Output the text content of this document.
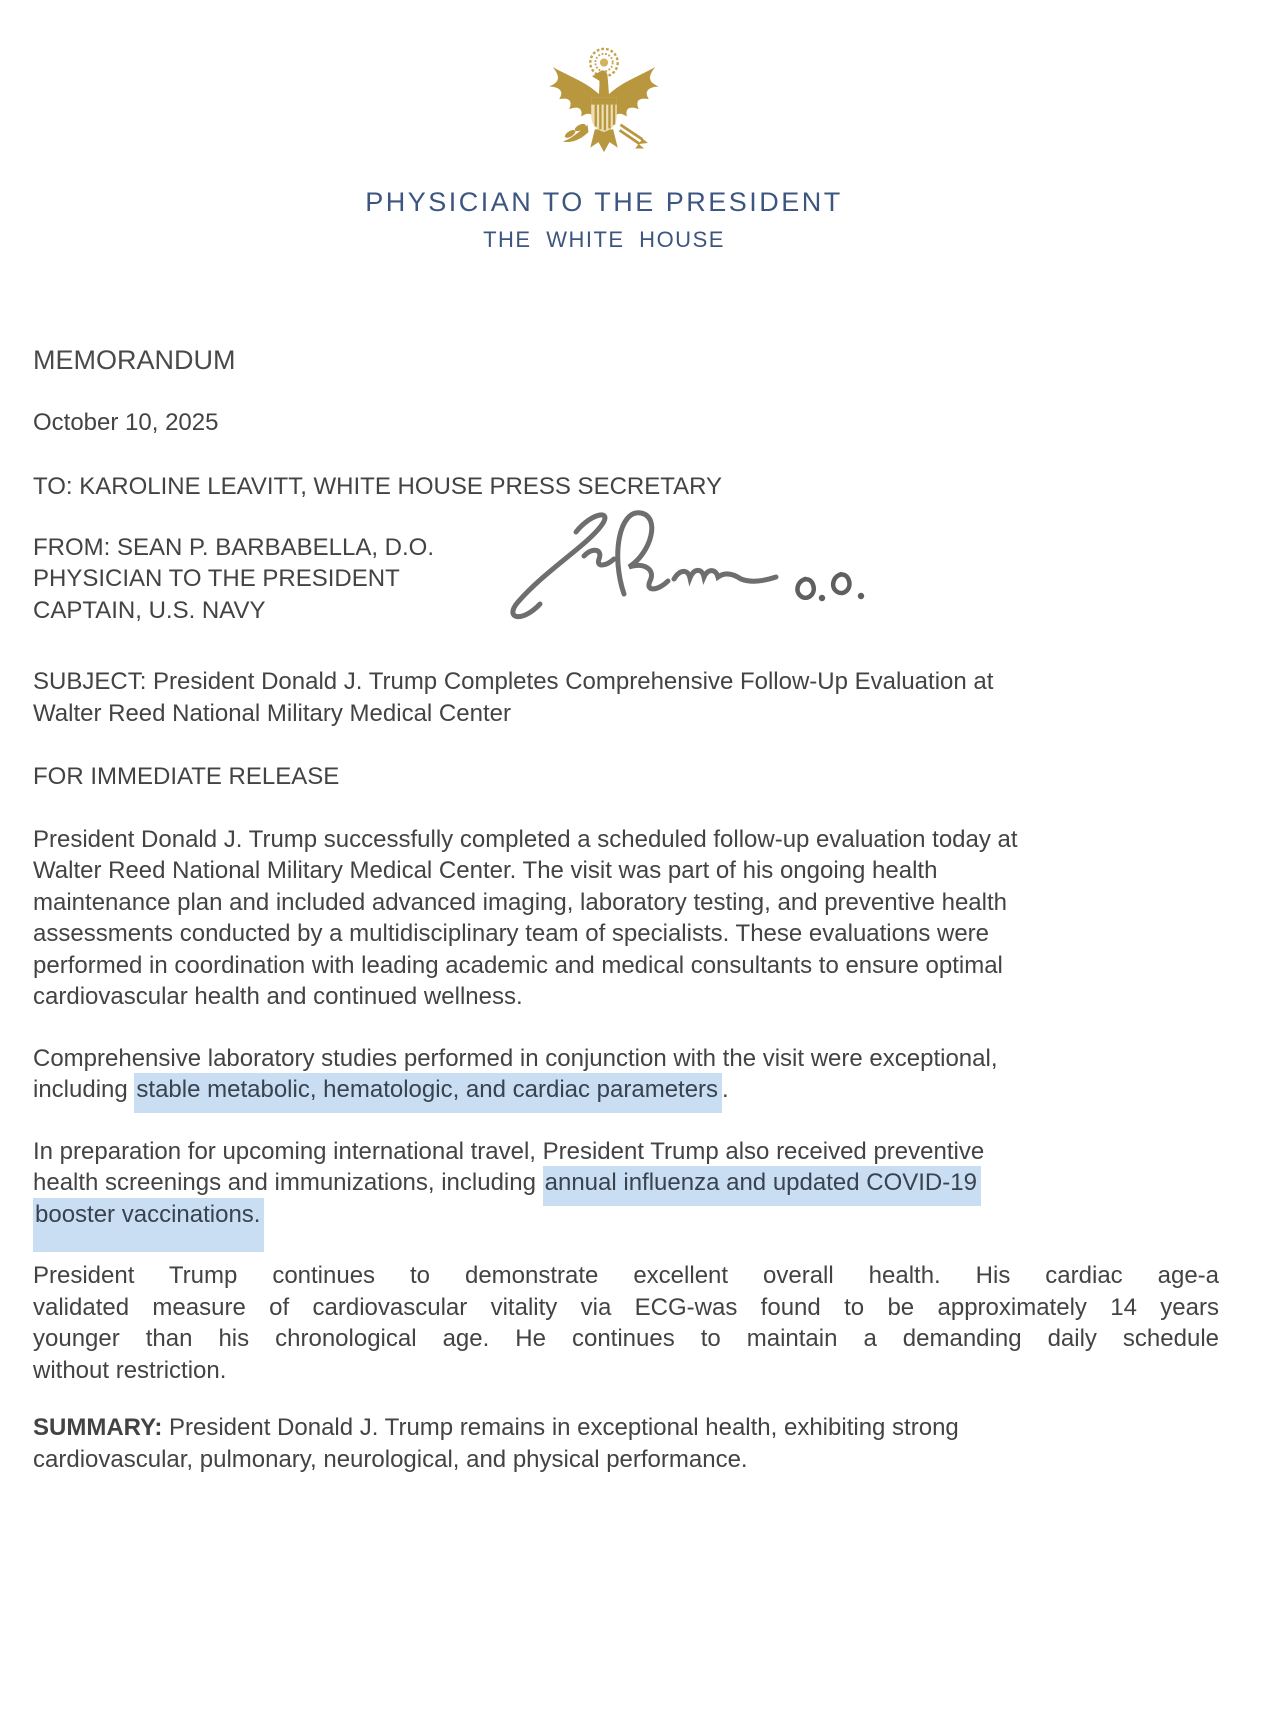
PHYSICIAN TO THE PRESIDENT
THE WHITE HOUSE
MEMORANDUM
October 10, 2025
TO: KAROLINE LEAVITT, WHITE HOUSE PRESS SECRETARY
FROM: SEAN P. BARBABELLA, D.O.
PHYSICIAN TO THE PRESIDENT
CAPTAIN, U.S. NAVY
SUBJECT: President Donald J. Trump Completes Comprehensive Follow-Up Evaluation at
Walter Reed National Military Medical Center
FOR IMMEDIATE RELEASE
President Donald J. Trump successfully completed a scheduled follow-up evaluation today at
Walter Reed National Military Medical Center. The visit was part of his ongoing health
maintenance plan and included advanced imaging, laboratory testing, and preventive health
assessments conducted by a multidisciplinary team of specialists. These evaluations were
performed in coordination with leading academic and medical consultants to ensure optimal
cardiovascular health and continued wellness.
Comprehensive laboratory studies performed in conjunction with the visit were exceptional,
including stable metabolic, hematologic, and cardiac parameters .
In preparation for upcoming international travel, President Trump also received preventive
health screenings and immunizations, including annual influenza and updated COVID-19
booster vaccinations.
President Trump continues to demonstrate excellent overall health. His cardiac age-a
validated measure of cardiovascular vitality via ECG-was found to be approximately 14 years
younger than his chronological age. He continues to maintain a demanding daily schedule
without restriction.
SUMMARY: President Donald J. Trump remains in exceptional health, exhibiting strong
cardiovascular, pulmonary, neurological, and physical performance.
